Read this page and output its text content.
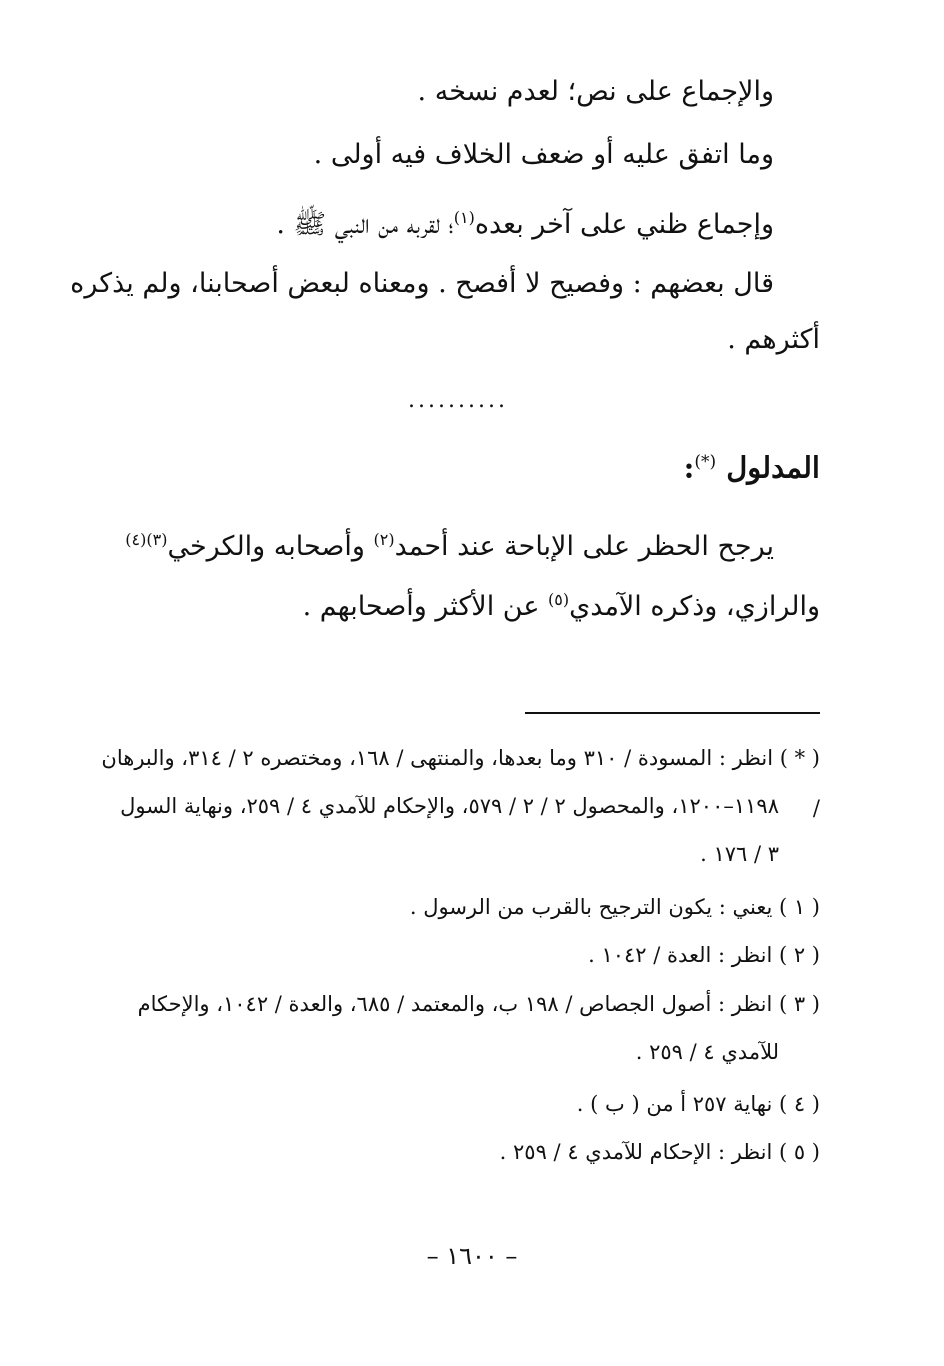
والإجماع على نص؛ لعدم نسخه .

وما اتفق عليه أو ضعف الخلاف فيه أولى .

وإجماع ظني على آخر بعده$^{(١)}$؛ لقربه من النبي ﷺ .

قال بعضهم : وفصيح لا أفصح . ومعناه لبعض أصحابنا، ولم يذكره

أكثرهم .

..........

المدلول (*):

يرجح الحظر على الإباحة عند أحمد$^{(٢)}$ وأصحابه والكرخي$^{(٣)(٤)}$

والرازي، وذكره الآمدي$^{(٥)}$ عن الأكثر وأصحابهم .

( * ) انظر : المسودة / ٣١٠ وما بعدها، والمنتهى / ١٦٨، ومختصره ٢ / ٣١٤، والبرهان /

١١٩٨–١٢٠٠، والمحصول ٢ / ٢ / ٥٧٩، والإحكام للآمدي ٤ / ٢٥٩، ونهاية السول

٣ / ١٧٦ .

( ١ ) يعني : يكون الترجيح بالقرب من الرسول .

( ٢ ) انظر : العدة / ١٠٤٢ .

( ٣ ) انظر : أصول الجصاص / ١٩٨ ب، والمعتمد / ٦٨٥، والعدة / ١٠٤٢، والإحكام

للآمدي ٤ / ٢٥٩ .

( ٤ ) نهاية ٢٥٧ أ من ( ب ) .

( ٥ ) انظر : الإحكام للآمدي ٤ / ٢٥٩ .

– ١٦٠٠ –
